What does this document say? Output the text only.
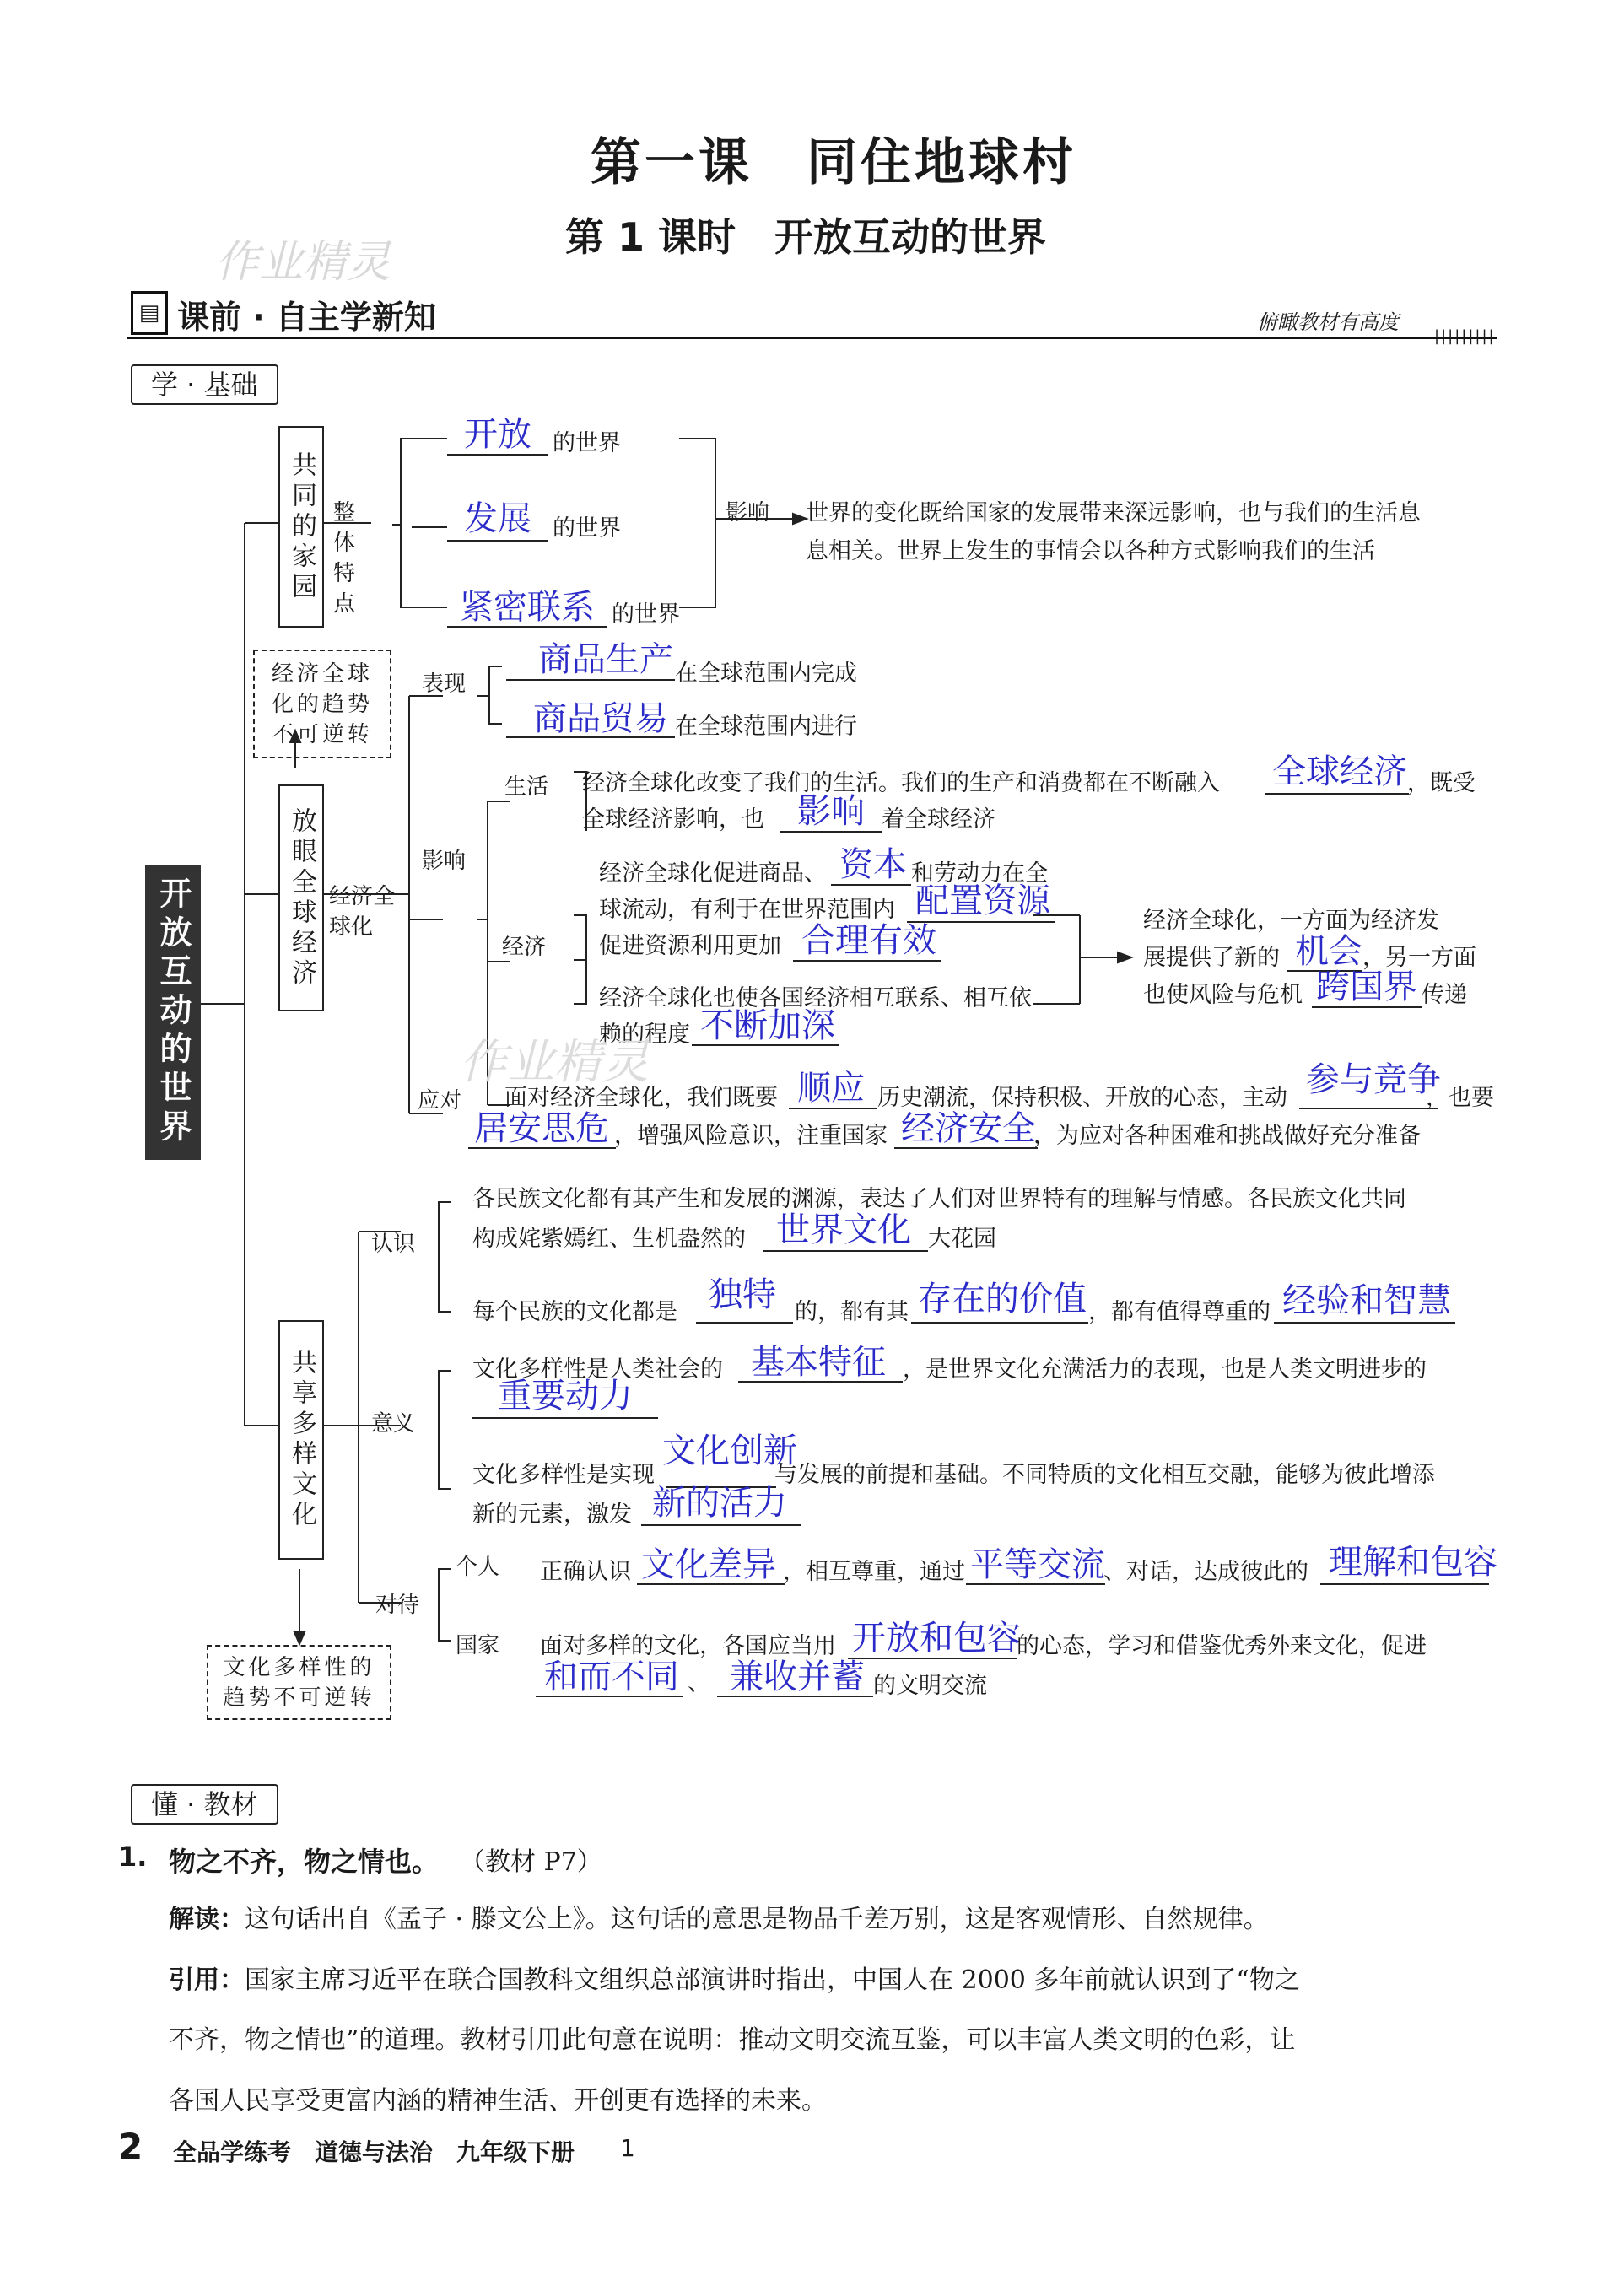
第一课　同住地球村
第 1 课时　开放互动的世界
作业精灵
▤ 课前 · 自主学新知	俯瞰教材有高度
|||||||||
学 · 基础
开放互动的世界
共同的家园 整体特点
开放 的世界
发展 的世界
紧密联系 的世界
影响 世界的变化既给国家的发展带来深远影响，也与我们的生活息
息相关。世界上发生的事情会以各种方式影响我们的生活
经济全球化的趋势不可逆转
放眼全球经济 经济全球化
表现
商品生产 在全球范围内完成
商品贸易 在全球范围内进行
影响
生活 经济全球化改变了我们的生活。我们的生产和消费都在不断融入 全球经济 ，既受
全球经济影响，也 影响 着全球经济
经济
经济全球化促进商品、 资本 和劳动力在全
球流动，有利于在世界范围内 配置资源
促进资源利用更加 合理有效
经济全球化也使各国经济相互联系、相互依
赖的程度 不断加深
经济全球化，一方面为经济发
展提供了新的 机会 ，另一方面
也使风险与危机 跨国界 传递
应对 面对经济全球化，我们既要 顺应 历史潮流，保持积极、开放的心态，主动 参与竞争
，也要
居安思危 ，增强风险意识，注重国家 经济安全
，为应对各种困难和挑战做好充分准备
作业精灵
共享多样文化
认识
各民族文化都有其产生和发展的渊源，表达了人们对世界特有的理解与情感。各民族文化共同
构成姹紫嫣红、生机盎然的 世界文化 大花园
每个民族的文化都是 独特 的，都有其 存在的价值 ，都有值得尊重的 经验和智慧
意义
文化多样性是人类社会的 基本特征 ，是世界文化充满活力的表现，也是人类文明进步的
重要动力
文化多样性是实现
文化创新
与发展的前提和基础。不同特质的文化相互交融，能够为彼此增添
新的元素，激发 新的活力
对待
个人 正确认识 文化差异 ，相互尊重，通过 平等交流
、对话，达成彼此的 理解和包容
国家 面对多样的文化，各国应当用 开放和包容
的心态，学习和借鉴优秀外来文化，促进
和而不同 、 兼收并蓄 的文明交流
文化多样性的趋势不可逆转
懂 · 教材
1. 物之不齐，物之情也。 （教材 P7）
解读： 这句话出自《孟子 · 滕文公上》。这句话的意思是物品千差万别，这是客观情形、自然规律。
引用： 国家主席习近平在联合国教科文组织总部演讲时指出，中国人在 2000 多年前就认识到了“物之
不齐，物之情也”的道理。教材引用此句意在说明：推动文明交流互鉴，可以丰富人类文明的色彩，让
各国人民享受更富内涵的精神生活、开创更有选择的未来。
2 全品学练考　道德与法治　九年级下册 1
